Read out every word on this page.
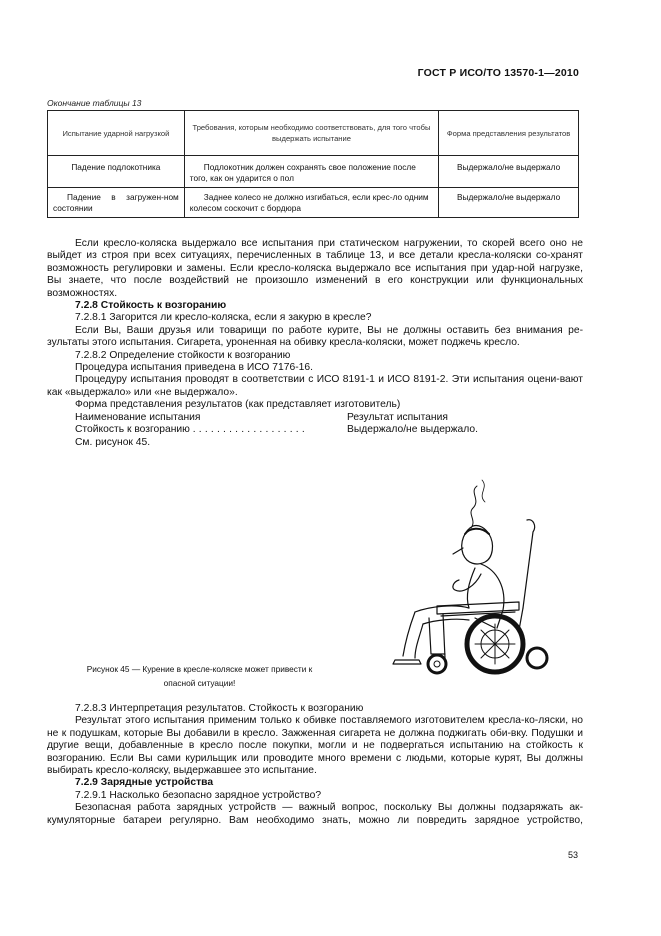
ГОСТ Р ИСО/ТО 13570-1—2010
Окончание таблицы 13
Испытание ударной нагрузкой	Требования, которым необходимо соответствовать, для того чтобы выдержать испытание	Форма представления результатов
Падение подлокотника	Подлокотник должен сохранять свое положение после того, как он ударится о пол	Выдержало/не выдержало
Падение в загружен-ном состоянии	Заднее колесо не должно изгибаться, если крес-ло одним колесом соскочит с бордюра	Выдержало/не выдержало

Если кресло-коляска выдержало все испытания при статическом нагружении, то скорей всего оно не выйдет из строя при всех ситуациях, перечисленных в таблице 13, и все детали кресла-коляски со-хранят возможность регулировки и замены. Если кресло-коляска выдержало все испытания при удар-ной нагрузке, Вы знаете, что после воздействий не произошло изменений в его конструкции или функциональных возможностях.

7.2.8 Стойкость к возгоранию

7.2.8.1 Загорится ли кресло-коляска, если я закурю в кресле?

Если Вы, Ваши друзья или товарищи по работе курите, Вы не должны оставить без внимания ре-зультаты этого испытания. Сигарета, уроненная на обивку кресла-коляски, может поджечь кресло.

7.2.8.2 Определение стойкости к возгоранию

Процедура испытания приведена в ИСО 7176-16.

Процедуру испытания проводят в соответствии с ИСО 8191-1 и ИСО 8191-2. Эти испытания оцени-вают как «выдержало» или «не выдержало».

Форма представления результатов (как представляет изготовитель)

Наименование испытания	Результат испытания
Стойкость к возгоранию ...................	Выдержало/не выдержало.

См. рисунок 45.

Рисунок 45 — Курение в кресле-коляске может привести к опасной ситуации!

7.2.8.3 Интерпретация результатов. Стойкость к возгоранию

Результат этого испытания применим только к обивке поставляемого изготовителем кресла-ко-ляски, но не к подушкам, которые Вы добавили в кресло. Зажженная сигарета не должна поджигать оби-вку. Подушки и другие вещи, добавленные в кресло после покупки, могли и не подвергаться испытанию на стойкость к возгоранию. Если Вы сами курильщик или проводите много времени с людьми, которые курят, Вы должны выбирать кресло-коляску, выдержавшее это испытание.

7.2.9 Зарядные устройства

7.2.9.1 Насколько безопасно зарядное устройство?

Безопасная работа зарядных устройств — важный вопрос, поскольку Вы должны подзаряжать ак-кумуляторные батареи регулярно. Вам необходимо знать, можно ли повредить зарядное устройство,

53
